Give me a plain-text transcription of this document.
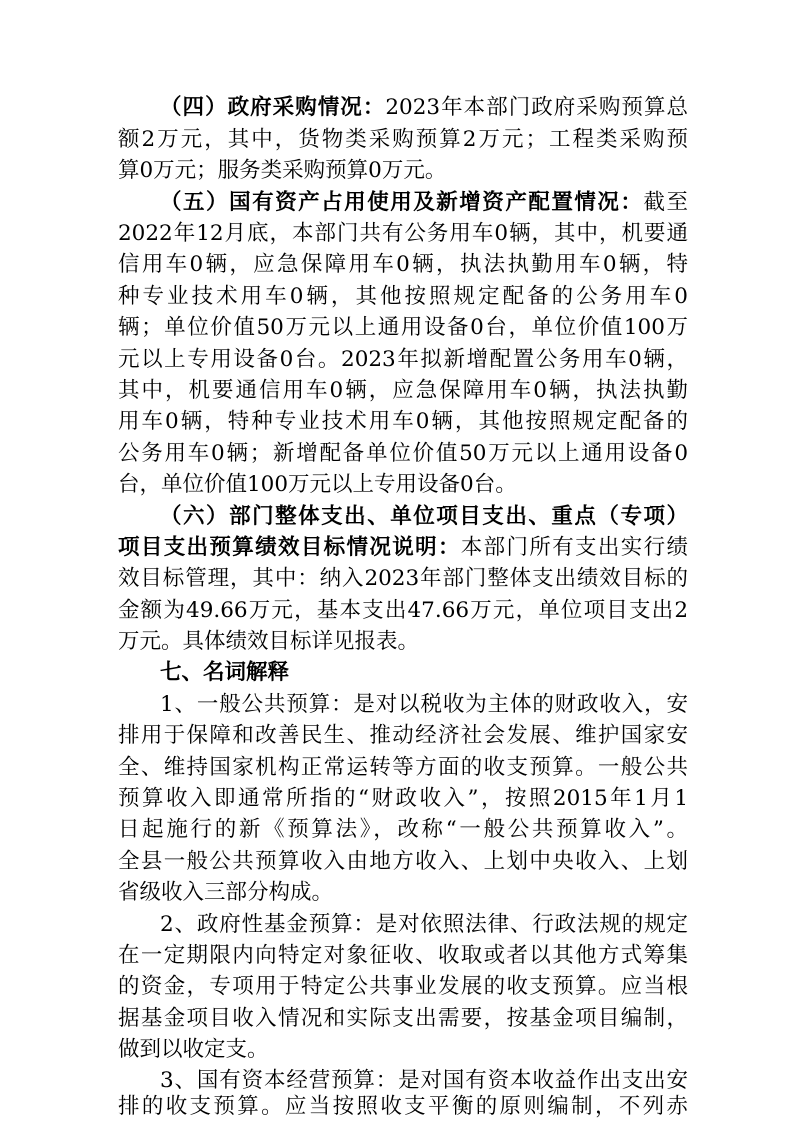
（四）政府采购情况：2023年本部门政府采购预算总
额2万元，其中，货物类采购预算2万元；工程类采购预
算0万元；服务类采购预算0万元。
（五）国有资产占用使用及新增资产配置情况：截至
2022年12月底，本部门共有公务用车0辆，其中，机要通
信用车0辆，应急保障用车0辆，执法执勤用车0辆，特
种专业技术用车0辆，其他按照规定配备的公务用车0
辆；单位价值50万元以上通用设备0台，单位价值100万
元以上专用设备0台。2023年拟新增配置公务用车0辆，
其中，机要通信用车0辆，应急保障用车0辆，执法执勤
用车0辆，特种专业技术用车0辆，其他按照规定配备的
公务用车0辆；新增配备单位价值50万元以上通用设备0
台，单位价值100万元以上专用设备0台。
（六）部门整体支出、单位项目支出、重点（专项）
项目支出预算绩效目标情况说明：本部门所有支出实行绩
效目标管理，其中：纳入2023年部门整体支出绩效目标的
金额为49.66万元，基本支出47.66万元，单位项目支出2
万元。具体绩效目标详见报表。
七、名词解释
1、一般公共预算：是对以税收为主体的财政收入，安
排用于保障和改善民生、推动经济社会发展、维护国家安
全、维持国家机构正常运转等方面的收支预算。一般公共
预算收入即通常所指的“财政收入”，按照2015年1月1
日起施行的新《预算法》，改称“一般公共预算收入”。
全县一般公共预算收入由地方收入、上划中央收入、上划
省级收入三部分构成。
2、政府性基金预算：是对依照法律、行政法规的规定
在一定期限内向特定对象征收、收取或者以其他方式筹集
的资金，专项用于特定公共事业发展的收支预算。应当根
据基金项目收入情况和实际支出需要，按基金项目编制，
做到以收定支。
3、国有资本经营预算：是对国有资本收益作出支出安
排的收支预算。应当按照收支平衡的原则编制，不列赤
